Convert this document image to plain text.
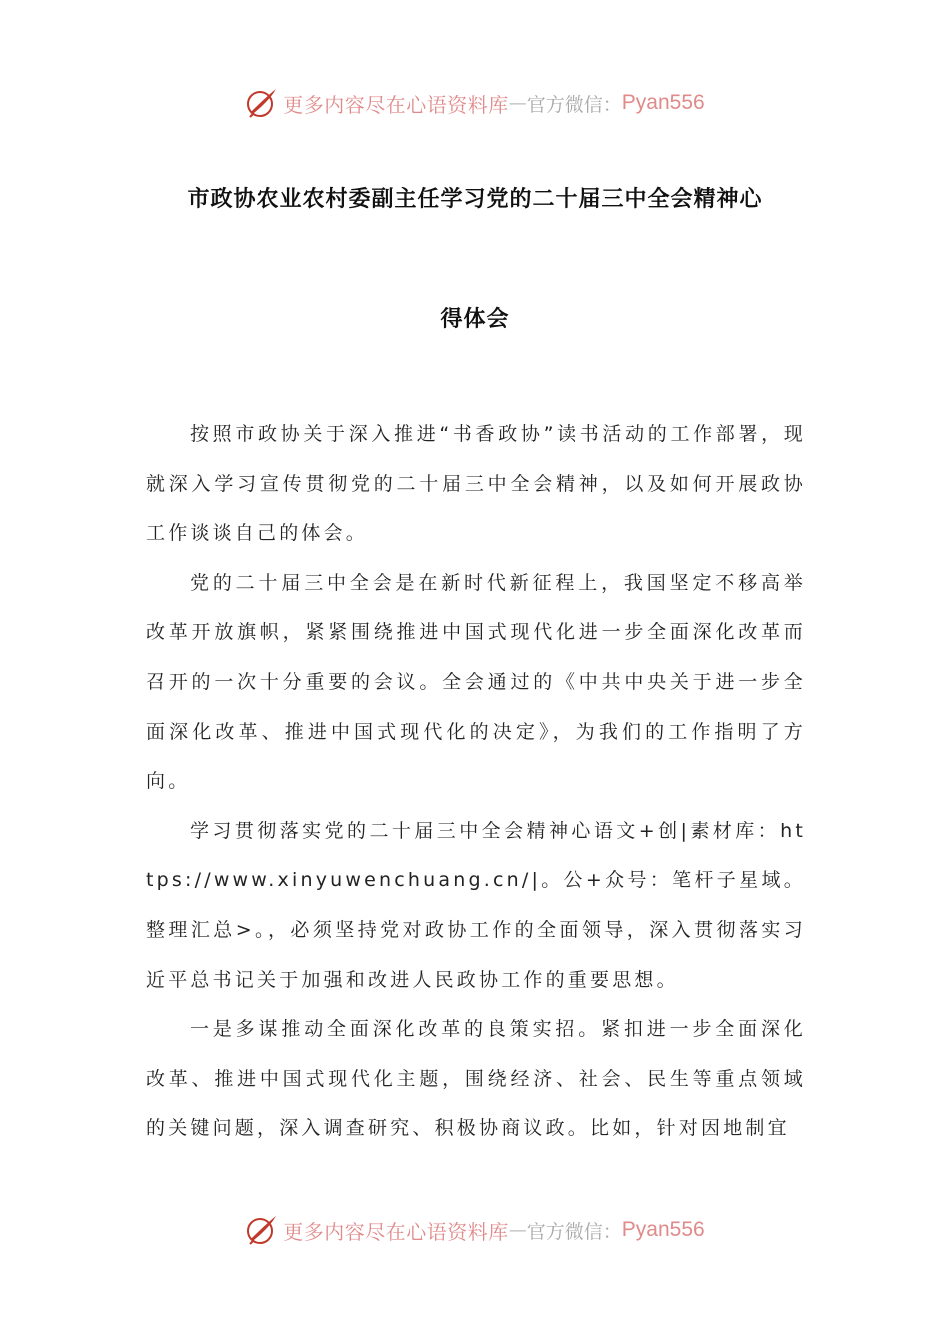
更多内容尽在心语资料库 — 官方微信： Pyan556
市政协农业农村委副主任学习党的二十届三中全会精神心
得体会

按照市政协关于深入推进“书香政协”读书活动的工作部署，现就深入学习宣传贯彻党的二十届三中全会精神，以及如何开展政协工作谈谈自己的体会。

党的二十届三中全会是在新时代新征程上，我国坚定不移高举改革开放旗帜，紧紧围绕推进中国式现代化进一步全面深化改革而召开的一次十分重要的会议。全会通过的《中共中央关于进一步全面深化改革、推进中国式现代化的决定》，为我们的工作指明了方向。

学习贯彻落实党的二十届三中全会精神心语文+创|素材库：https://www.xinyuwenchuang.cn/|。公+众号：笔杆子星域。整理汇总>。，必须坚持党对政协工作的全面领导，深入贯彻落实习近平总书记关于加强和改进人民政协工作的重要思想。

一是多谋推动全面深化改革的良策实招。紧扣进一步全面深化改革、推进中国式现代化主题，围绕经济、社会、民生等重点领域的关键问题，深入调查研究、积极协商议政。比如，针对因地制宜

更多内容尽在心语资料库 — 官方微信： Pyan556
